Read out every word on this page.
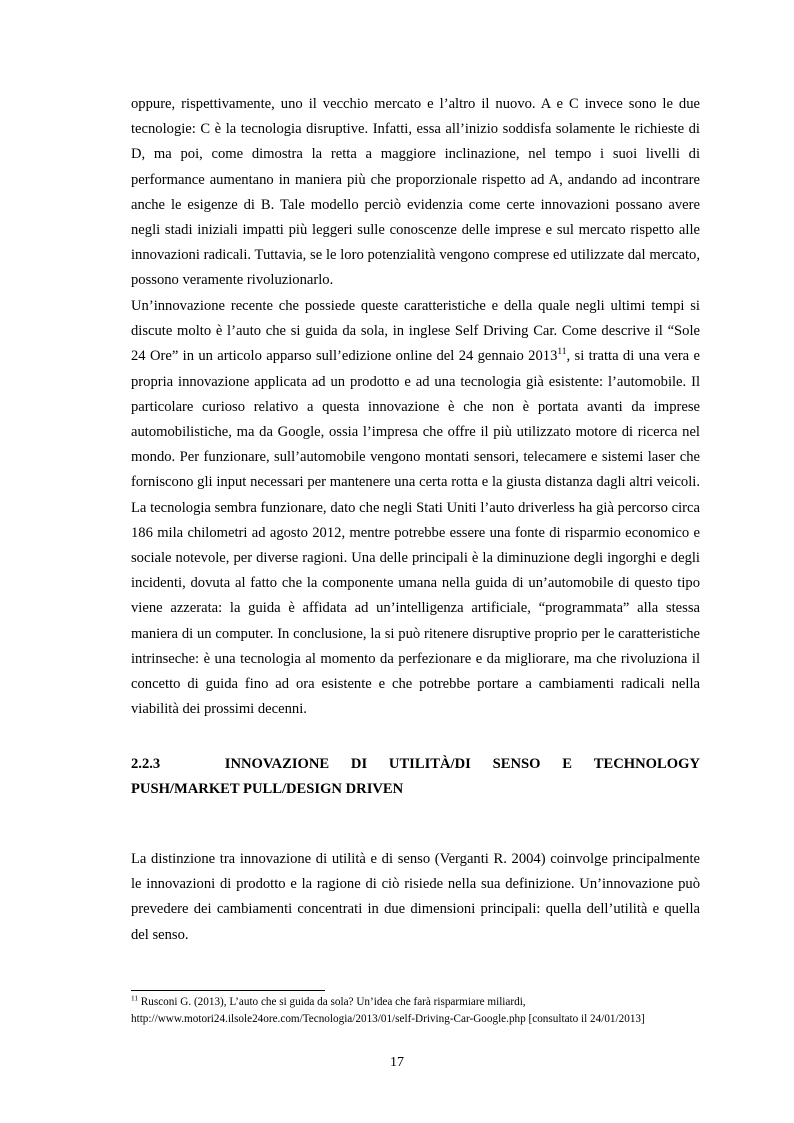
oppure, rispettivamente, uno il vecchio mercato e l’altro il nuovo. A e C invece sono le due tecnologie: C è la tecnologia disruptive. Infatti, essa all’inizio soddisfa solamente le richieste di D, ma poi, come dimostra la retta a maggiore inclinazione, nel tempo i suoi livelli di performance aumentano in maniera più che proporzionale rispetto ad A, andando ad incontrare anche le esigenze di B. Tale modello perciò evidenzia come certe innovazioni possano avere negli stadi iniziali impatti più leggeri sulle conoscenze delle imprese e sul mercato rispetto alle innovazioni radicali. Tuttavia, se le loro potenzialità vengono comprese ed utilizzate dal mercato, possono veramente rivoluzionarlo.

Un’innovazione recente che possiede queste caratteristiche e della quale negli ultimi tempi si discute molto è l’auto che si guida da sola, in inglese Self Driving Car. Come descrive il “Sole 24 Ore” in un articolo apparso sull’edizione online del 24 gennaio 2013$^{11}$, si tratta di una vera e propria innovazione applicata ad un prodotto e ad una tecnologia già esistente: l’automobile. Il particolare curioso relativo a questa innovazione è che non è portata avanti da imprese automobilistiche, ma da Google, ossia l’impresa che offre il più utilizzato motore di ricerca nel mondo. Per funzionare, sull’automobile vengono montati sensori, telecamere e sistemi laser che forniscono gli input necessari per mantenere una certa rotta e la giusta distanza dagli altri veicoli. La tecnologia sembra funzionare, dato che negli Stati Uniti l’auto driverless ha già percorso circa 186 mila chilometri ad agosto 2012, mentre potrebbe essere una fonte di risparmio economico e sociale notevole, per diverse ragioni. Una delle principali è la diminuzione degli ingorghi e degli incidenti, dovuta al fatto che la componente umana nella guida di un’automobile di questo tipo viene azzerata: la guida è affidata ad un’intelligenza artificiale, “programmata” alla stessa maniera di un computer. In conclusione, la si può ritenere disruptive proprio per le caratteristiche intrinseche: è una tecnologia al momento da perfezionare e da migliorare, ma che rivoluziona il concetto di guida fino ad ora esistente e che potrebbe portare a cambiamenti radicali nella viabilità dei prossimi decenni.

2.2.3	INNOVAZIONE DI UTILITÀ/DI SENSO E TECHNOLOGY
PUSH/MARKET PULL/DESIGN DRIVEN

La distinzione tra innovazione di utilità e di senso (Verganti R. 2004) coinvolge principalmente le innovazioni di prodotto e la ragione di ciò risiede nella sua definizione. Un’innovazione può prevedere dei cambiamenti concentrati in due dimensioni principali: quella dell’utilità e quella del senso.

$^{11}$ Rusconi G. (2013), L’auto che si guida da sola? Un’idea che farà risparmiare miliardi,
http://www.motori24.ilsole24ore.com/Tecnologia/2013/01/self-Driving-Car-Google.php [consultato il 24/01/2013]

17
